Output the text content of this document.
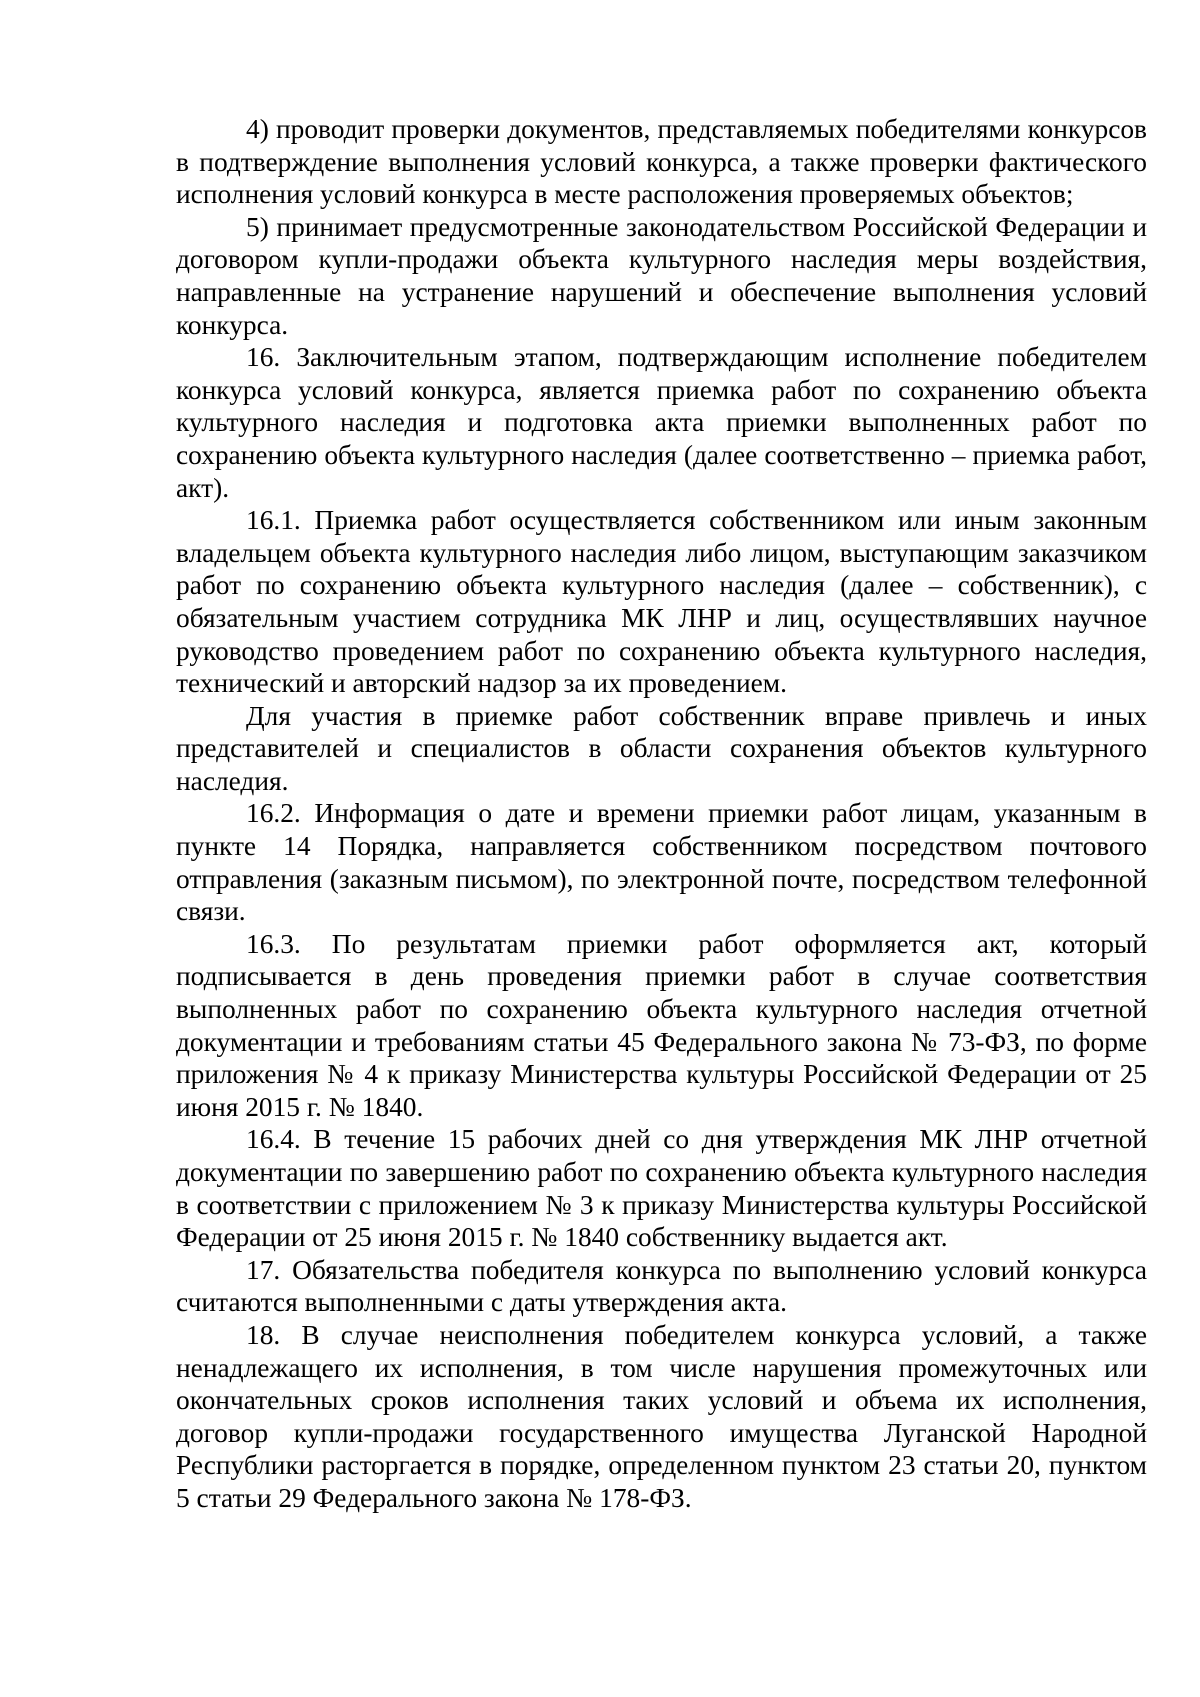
4) проводит проверки документов, представляемых победителями конкурсов в подтверждение выполнения условий конкурса, а также проверки фактического исполнения условий конкурса в месте расположения проверяемых объектов;

5) принимает предусмотренные законодательством Российской Федерации и договором купли-продажи объекта культурного наследия меры воздействия, направленные на устранение нарушений и обеспечение выполнения условий конкурса.

16. Заключительным этапом, подтверждающим исполнение победителем конкурса условий конкурса, является приемка работ по сохранению объекта культурного наследия и подготовка акта приемки выполненных работ по сохранению объекта культурного наследия (далее соответственно – приемка работ, акт).

16.1. Приемка работ осуществляется собственником или иным законным владельцем объекта культурного наследия либо лицом, выступающим заказчиком работ по сохранению объекта культурного наследия (далее – собственник), с обязательным участием сотрудника МК ЛНР и лиц, осуществлявших научное руководство проведением работ по сохранению объекта культурного наследия, технический и авторский надзор за их проведением.

Для участия в приемке работ собственник вправе привлечь и иных представителей и специалистов в области сохранения объектов культурного наследия.

16.2. Информация о дате и времени приемки работ лицам, указанным в пункте 14 Порядка, направляется собственником посредством почтового отправления (заказным письмом), по электронной почте, посредством телефонной связи.

16.3. По результатам приемки работ оформляется акт, который подписывается в день проведения приемки работ в случае соответствия выполненных работ по сохранению объекта культурного наследия отчетной документации и требованиям статьи 45 Федерального закона № 73-ФЗ, по форме приложения № 4 к приказу Министерства культуры Российской Федерации от 25 июня 2015 г. № 1840.

16.4. В течение 15 рабочих дней со дня утверждения МК ЛНР отчетной документации по завершению работ по сохранению объекта культурного наследия в соответствии с приложением № 3 к приказу Министерства культуры Российской Федерации от 25 июня 2015 г. № 1840 собственнику выдается акт.

17. Обязательства победителя конкурса по выполнению условий конкурса считаются выполненными с даты утверждения акта.

18. В случае неисполнения победителем конкурса условий, а также ненадлежащего их исполнения, в том числе нарушения промежуточных или окончательных сроков исполнения таких условий и объема их исполнения, договор купли-продажи государственного имущества Луганской Народной Республики расторгается в порядке, определенном пунктом 23 статьи 20, пунктом 5 статьи 29 Федерального закона № 178-ФЗ.
